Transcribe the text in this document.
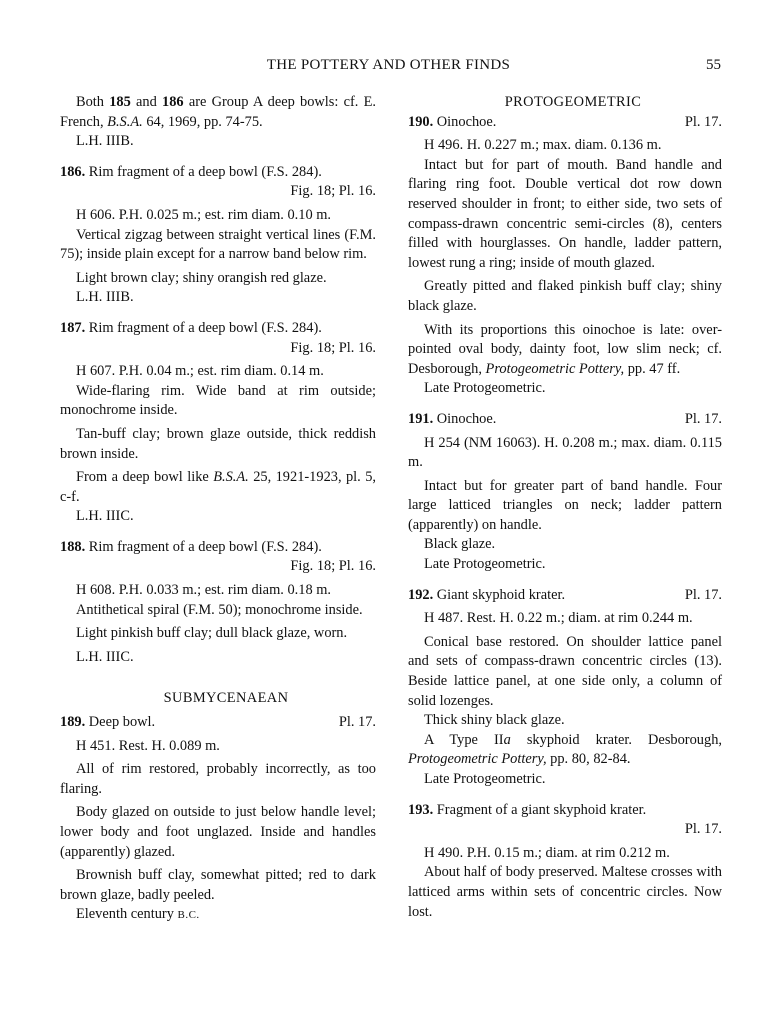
THE POTTERY AND OTHER FINDS	55

Both 185 and 186 are Group A deep bowls: cf. E. French, B.S.A. 64, 1969, pp. 74-75.

L.H. IIIB.

186. Rim fragment of a deep bowl (F.S. 284).

Fig. 18; Pl. 16.

H 606. P.H. 0.025 m.; est. rim diam. 0.10 m.

Vertical zigzag between straight vertical lines (F.M. 75); inside plain except for a narrow band below rim.

Light brown clay; shiny orangish red glaze.

L.H. IIIB.

187. Rim fragment of a deep bowl (F.S. 284).

Fig. 18; Pl. 16.

H 607. P.H. 0.04 m.; est. rim diam. 0.14 m.

Wide-flaring rim. Wide band at rim outside; monochrome inside.

Tan-buff clay; brown glaze outside, thick reddish brown inside.

From a deep bowl like B.S.A. 25, 1921-1923, pl. 5, c-f.

L.H. IIIC.

188. Rim fragment of a deep bowl (F.S. 284).

Fig. 18; Pl. 16.

H 608. P.H. 0.033 m.; est. rim diam. 0.18 m.

Antithetical spiral (F.M. 50); monochrome inside.

Light pinkish buff clay; dull black glaze, worn.

L.H. IIIC.

SUBMYCENAEAN

189. Deep bowl.	Pl. 17.

H 451. Rest. H. 0.089 m.

All of rim restored, probably incorrectly, as too flaring.

Body glazed on outside to just below handle level; lower body and foot unglazed. Inside and handles (apparently) glazed.

Brownish buff clay, somewhat pitted; red to dark brown glaze, badly peeled.

Eleventh century B.C.

PROTOGEOMETRIC

190. Oinochoe.	Pl. 17.

H 496. H. 0.227 m.; max. diam. 0.136 m.

Intact but for part of mouth. Band handle and flaring ring foot. Double vertical dot row down reserved shoulder in front; to either side, two sets of compass-drawn concentric semi-circles (8), centers filled with hourglasses. On handle, ladder pattern, lowest rung a ring; inside of mouth glazed.

Greatly pitted and flaked pinkish buff clay; shiny black glaze.

With its proportions this oinochoe is late: over-pointed oval body, dainty foot, low slim neck; cf. Desborough, Protogeometric Pottery, pp. 47 ff.

Late Protogeometric.

191. Oinochoe.	Pl. 17.

H 254 (NM 16063). H. 0.208 m.; max. diam. 0.115 m.

Intact but for greater part of band handle. Four large latticed triangles on neck; ladder pattern (apparently) on handle.

Black glaze.

Late Protogeometric.

192. Giant skyphoid krater.	Pl. 17.

H 487. Rest. H. 0.22 m.; diam. at rim 0.244 m.

Conical base restored. On shoulder lattice panel and sets of compass-drawn concentric circles (13). Beside lattice panel, at one side only, a column of solid lozenges.

Thick shiny black glaze.

A Type IIa skyphoid krater. Desborough, Protogeometric Pottery, pp. 80, 82-84.

Late Protogeometric.

193. Fragment of a giant skyphoid krater.

Pl. 17.

H 490. P.H. 0.15 m.; diam. at rim 0.212 m.

About half of body preserved. Maltese crosses with latticed arms within sets of concentric circles. Now lost.
